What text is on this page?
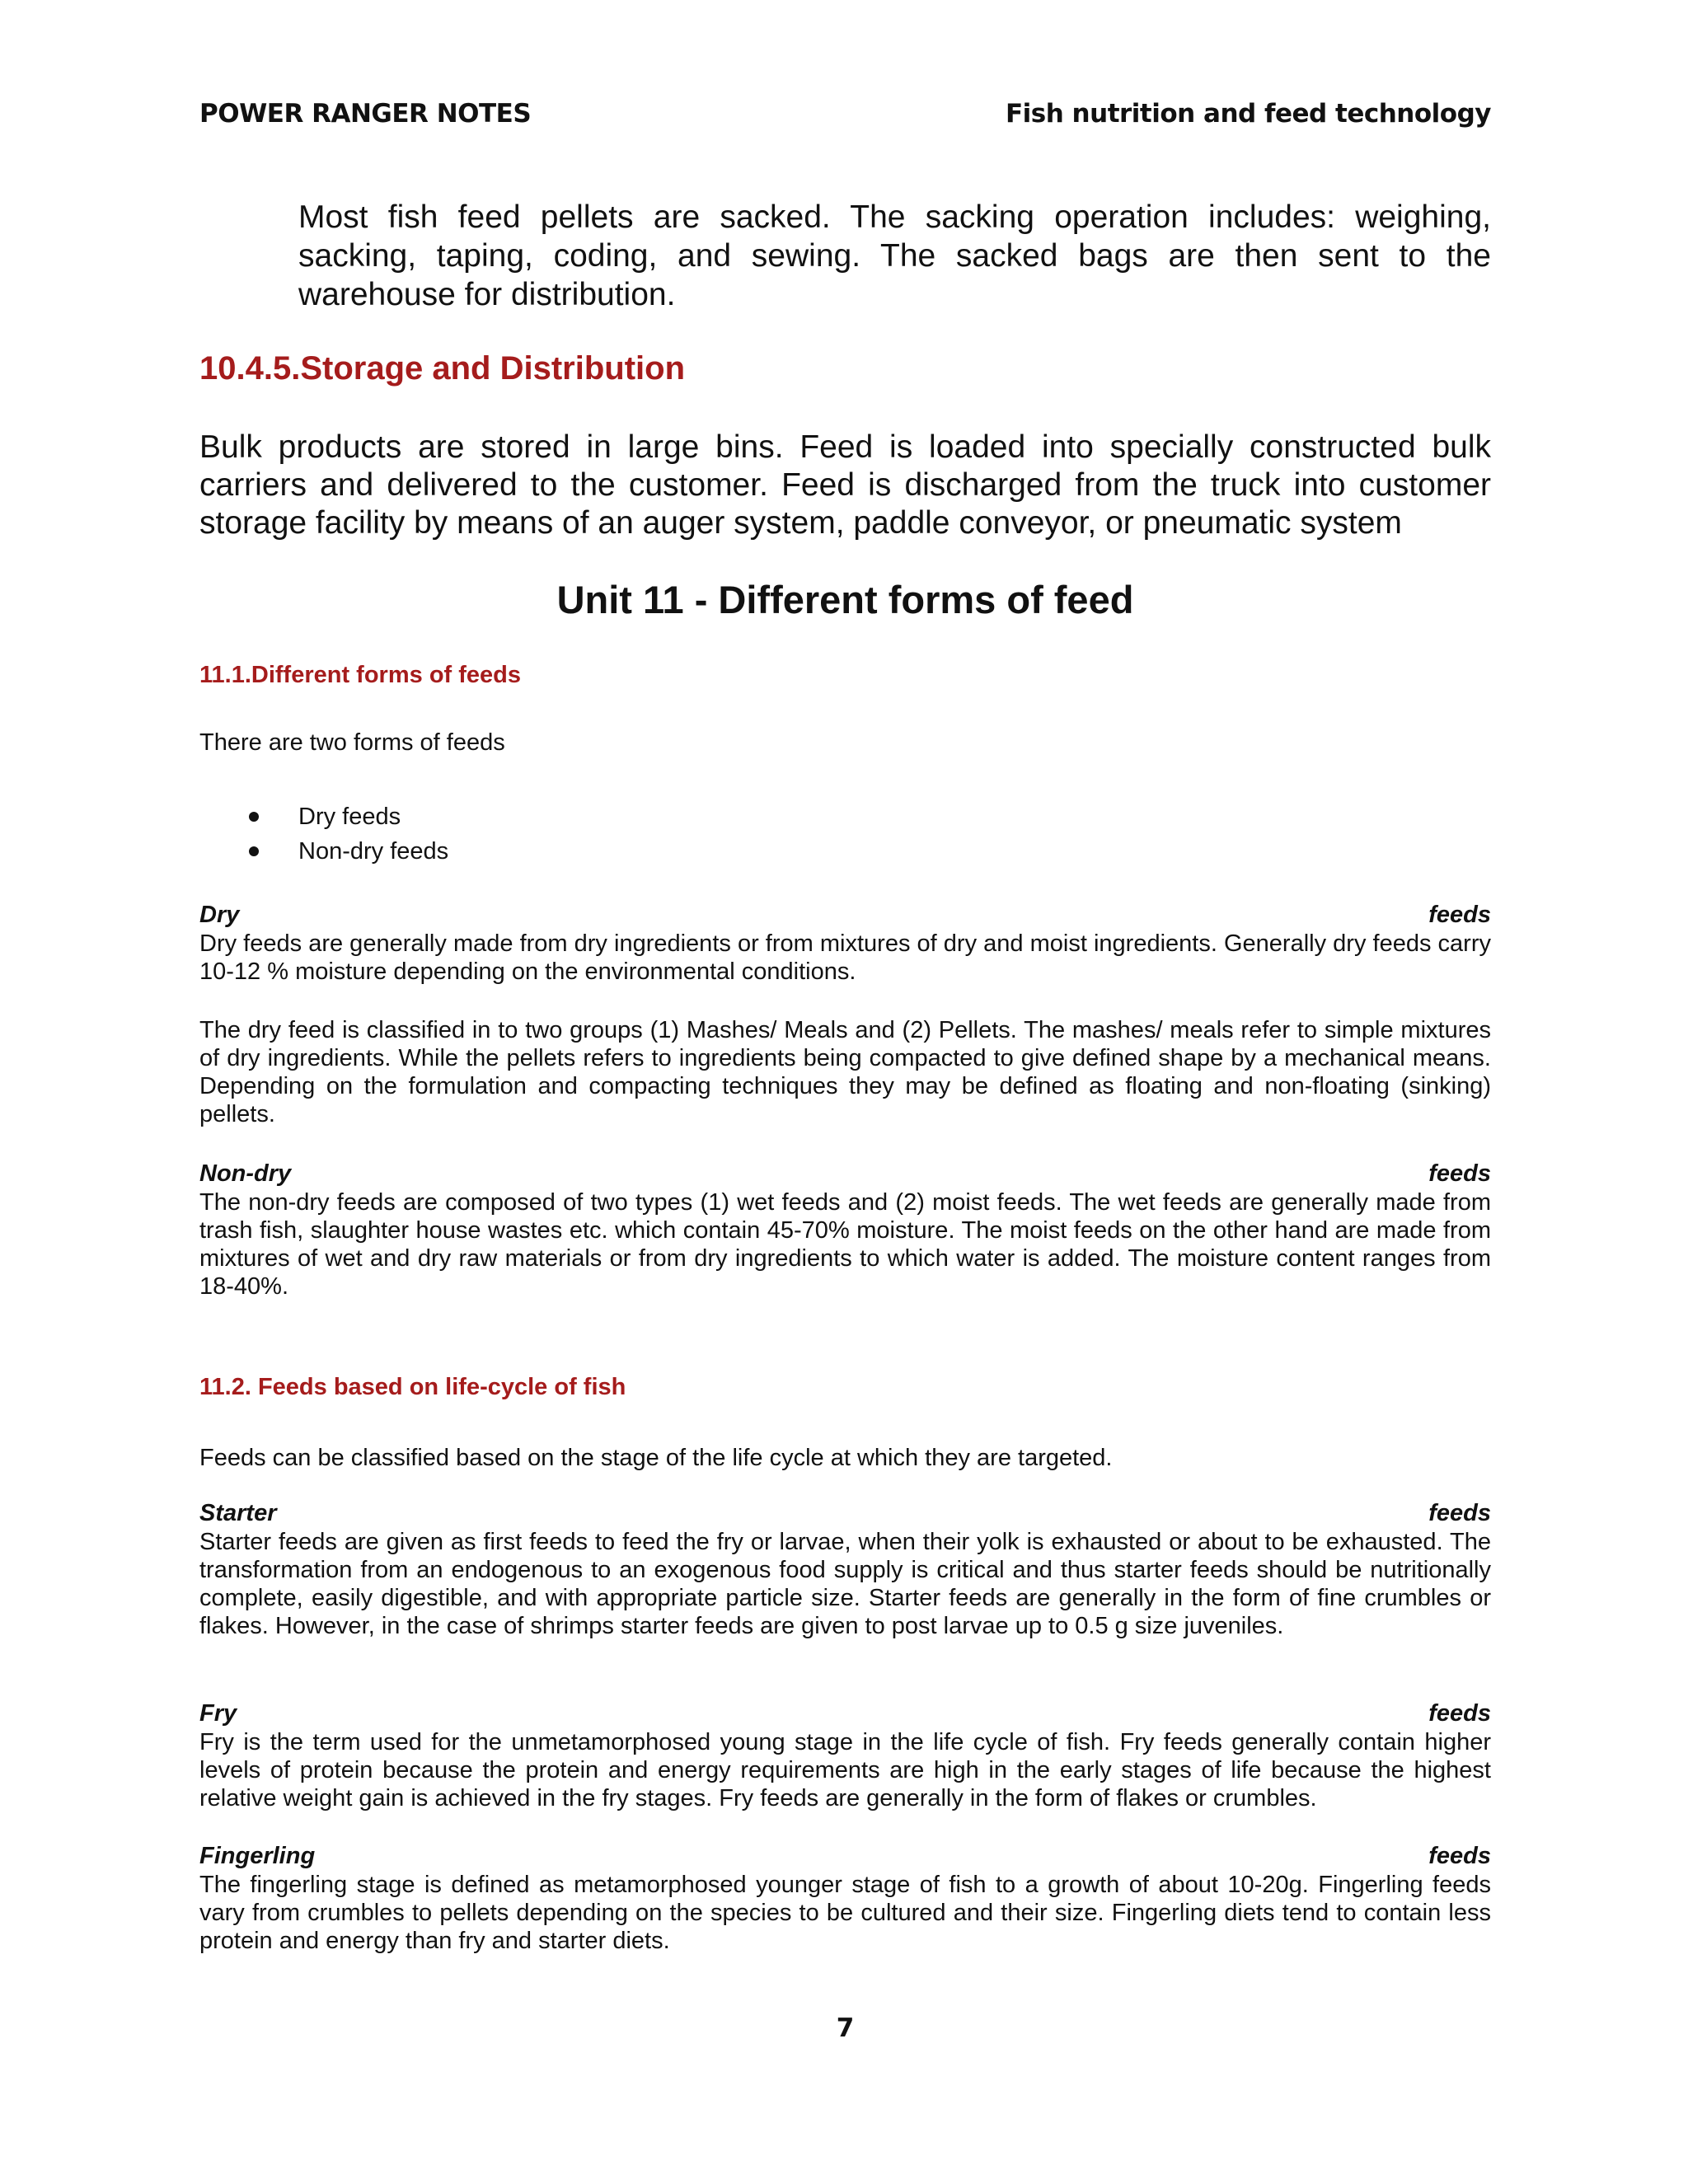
POWER RANGER NOTES	Fish nutrition and feed technology

Most fish feed pellets are sacked. The sacking operation includes: weighing, sacking, taping, coding, and sewing. The sacked bags are then sent to the warehouse for distribution.

10.4.5.Storage and Distribution

Bulk products are stored in large bins. Feed is loaded into specially constructed bulk carriers and delivered to the customer. Feed is discharged from the truck into customer storage facility by means of an auger system, paddle conveyor, or pneumatic system

Unit 11 - Different forms of feed
11.1.Different forms of feeds

There are two forms of feeds

Dry feeds
Non-dry feeds
Dry	feeds

Dry feeds are generally made from dry ingredients or from mixtures of dry and moist ingredients. Generally dry feeds carry 10-12 % moisture depending on the environmental conditions.

The dry feed is classified in to two groups (1) Mashes/ Meals and (2) Pellets. The mashes/ meals refer to simple mixtures of dry ingredients. While the pellets refers to ingredients being compacted to give defined shape by a mechanical means. Depending on the formulation and compacting techniques they may be defined as floating and non-floating (sinking) pellets.

Non-dry	feeds

The non-dry feeds are composed of two types (1) wet feeds and (2) moist feeds. The wet feeds are generally made from trash fish, slaughter house wastes etc. which contain 45-70% moisture. The moist feeds on the other hand are made from mixtures of wet and dry raw materials or from dry ingredients to which water is added. The moisture content ranges from 18-40%.

11.2. Feeds based on life-cycle of fish

Feeds can be classified based on the stage of the life cycle at which they are targeted.

Starter	feeds

Starter feeds are given as first feeds to feed the fry or larvae, when their yolk is exhausted or about to be exhausted. The transformation from an endogenous to an exogenous food supply is critical and thus starter feeds should be nutritionally complete, easily digestible, and with appropriate particle size. Starter feeds are generally in the form of fine crumbles or flakes. However, in the case of shrimps starter feeds are given to post larvae up to 0.5 g size juveniles.

Fry	feeds

Fry is the term used for the unmetamorphosed young stage in the life cycle of fish. Fry feeds generally contain higher levels of protein because the protein and energy requirements are high in the early stages of life because the highest relative weight gain is achieved in the fry stages. Fry feeds are generally in the form of flakes or crumbles.

Fingerling	feeds

The fingerling stage is defined as metamorphosed younger stage of fish to a growth of about 10-20g. Fingerling feeds vary from crumbles to pellets depending on the species to be cultured and their size. Fingerling diets tend to contain less protein and energy than fry and starter diets.

7
